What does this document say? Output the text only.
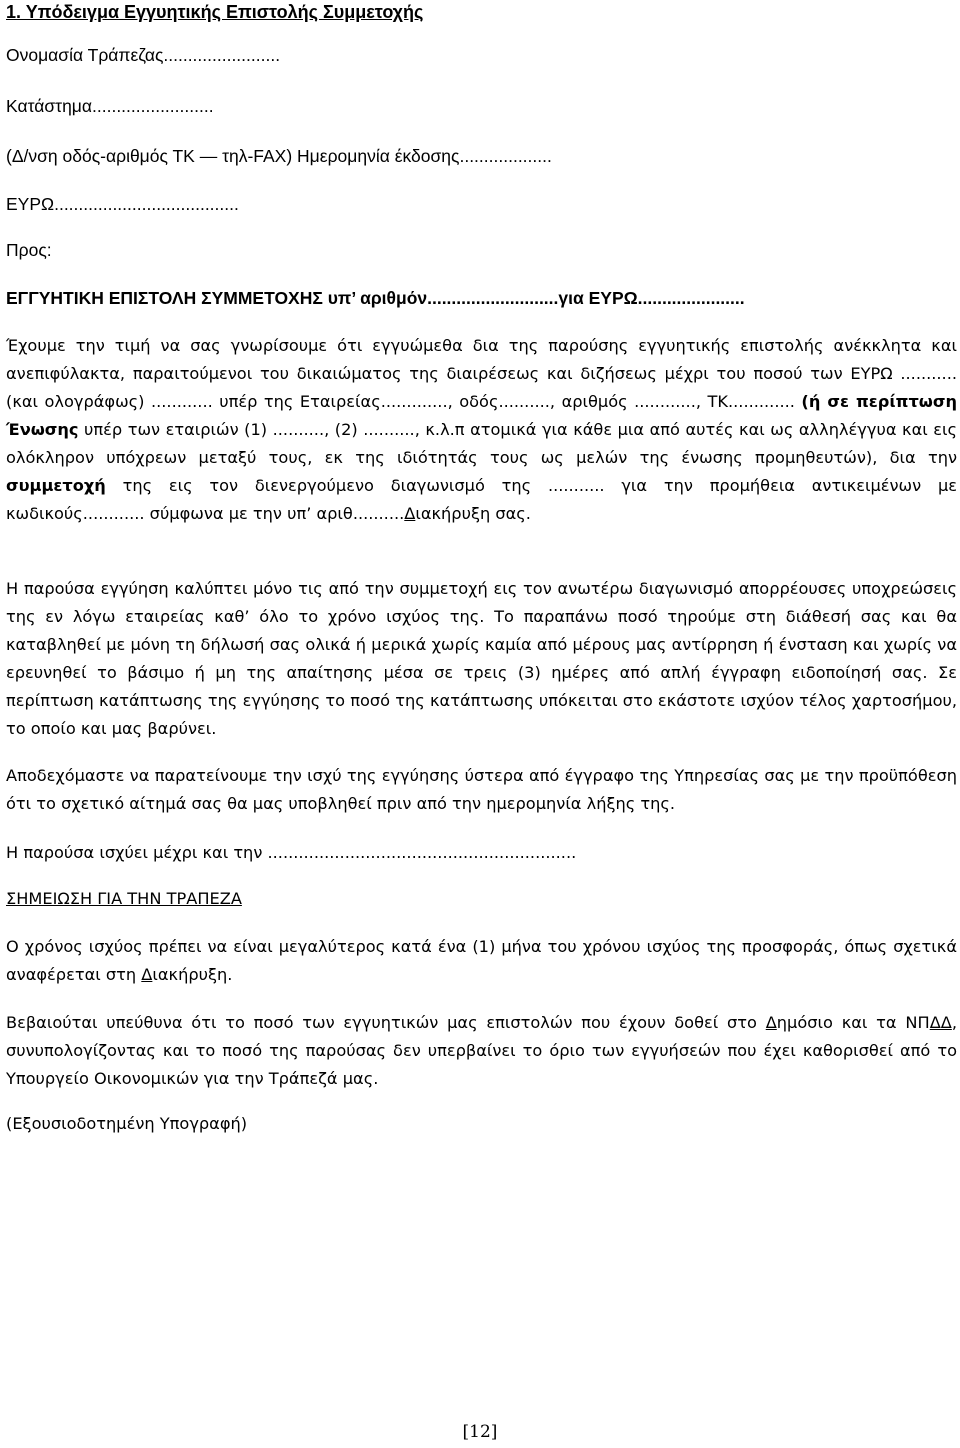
1. Υπόδειγμα Εγγυητικής Επιστολής Συμμετοχής
Ονομασία Τράπεζας........................
Κατάστημα.........................
(Δ/νση οδός-αριθμός ΤΚ — τηλ-FAX) Ημερομηνία έκδοσης...................
ΕΥΡΩ......................................
Προς:
ΕΓΓΥΗΤΙΚΗ ΕΠΙΣΤΟΛΗ ΣΥΜΜΕΤΟΧΗΣ υπ’ αριθμόν...........................για ΕΥΡΩ......................
Έχουμε την τιμή να σας γνωρίσουμε ότι εγγυώμεθα δια της παρούσης εγγυητικής επιστολής ανέκκλητα και ανεπιφύλακτα, παραιτούμενοι του δικαιώματος της διαιρέσεως και διζήσεως μέχρι του ποσού των ΕΥΡΩ ........... (και ολογράφως) ............ υπέρ της Εταιρείας............., οδός.........., αριθμός ............, ΤΚ............. (ή σε περίπτωση Ένωσης υπέρ των εταιριών (1) .........., (2) .........., κ.λ.π ατομικά για κάθε μια από αυτές και ως αλληλέγγυα και εις ολόκληρον υπόχρεων μεταξύ τους, εκ της ιδιότητάς τους ως μελών της ένωσης προμηθευτών), δια την συμμετοχή της εις τον διενεργούμενο διαγωνισμό της ........... για την προμήθεια αντικειμένων με κωδικούς............ σύμφωνα με την υπ’ αριθ..........Διακήρυξη σας.
Η παρούσα εγγύηση καλύπτει μόνο τις από την συμμετοχή εις τον ανωτέρω διαγωνισμό απορρέουσες υποχρεώσεις της εν λόγω εταιρείας καθ’ όλο το χρόνο ισχύος της. Το παραπάνω ποσό τηρούμε στη διάθεσή σας και θα καταβληθεί με μόνη τη δήλωσή σας ολικά ή μερικά χωρίς καμία από μέρους μας αντίρρηση ή ένσταση και χωρίς να ερευνηθεί το βάσιμο ή μη της απαίτησης μέσα σε τρεις (3) ημέρες από απλή έγγραφη ειδοποίησή σας. Σε περίπτωση κατάπτωσης της εγγύησης το ποσό της κατάπτωσης υπόκειται στο εκάστοτε ισχύον τέλος χαρτοσήμου, το οποίο και μας βαρύνει.
Αποδεχόμαστε να παρατείνουμε την ισχύ της εγγύησης ύστερα από έγγραφο της Υπηρεσίας σας με την προϋπόθεση ότι το σχετικό αίτημά σας θα μας υποβληθεί πριν από την ημερομηνία λήξης της.
Η παρούσα ισχύει μέχρι και την ............................................................
ΣΗΜΕΙΩΣΗ ΓΙΑ ΤΗΝ ΤΡΑΠΕΖΑ
Ο χρόνος ισχύος πρέπει να είναι μεγαλύτερος κατά ένα (1) μήνα του χρόνου ισχύος της προσφοράς, όπως σχετικά αναφέρεται στη Διακήρυξη.
Βεβαιούται υπεύθυνα ότι το ποσό των εγγυητικών μας επιστολών που έχουν δοθεί στο Δημόσιο και τα ΝΠΔΔ, συνυπολογίζοντας και το ποσό της παρούσας δεν υπερβαίνει το όριο των εγγυήσεών που έχει καθορισθεί από το Υπουργείο Οικονομικών για την Τράπεζά μας.
(Εξουσιοδοτημένη Υπογραφή)
[12]
